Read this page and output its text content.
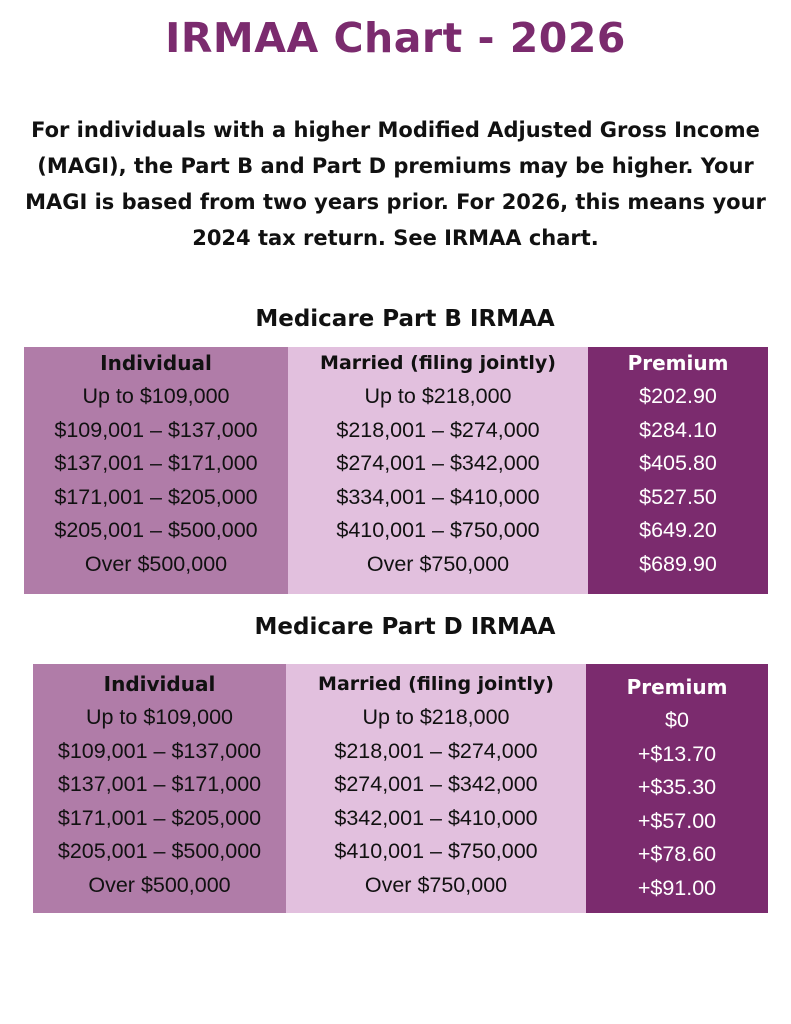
IRMAA Chart - 2026
For individuals with a higher Modified Adjusted Gross Income (MAGI), the Part B and Part D premiums may be higher. Your MAGI is based from two years prior. For 2026, this means your 2024 tax return. See IRMAA chart.
Medicare Part B IRMAA
Individual
Up to $109,000
$109,001 – $137,000
$137,001 – $171,000
$171,001 – $205,000
$205,001 – $500,000
Over $500,000
Married (filing jointly)
Up to $218,000
$218,001 – $274,000
$274,001 – $342,000
$334,001 – $410,000
$410,001 – $750,000
Over $750,000
Premium
$202.90
$284.10
$405.80
$527.50
$649.20
$689.90
Medicare Part D IRMAA
Individual
Up to $109,000
$109,001 – $137,000
$137,001 – $171,000
$171,001 – $205,000
$205,001 – $500,000
Over $500,000
Married (filing jointly)
Up to $218,000
$218,001 – $274,000
$274,001 – $342,000
$342,001 – $410,000
$410,001 – $750,000
Over $750,000
Premium
$0
+$13.70
+$35.30
+$57.00
+$78.60
+$91.00
